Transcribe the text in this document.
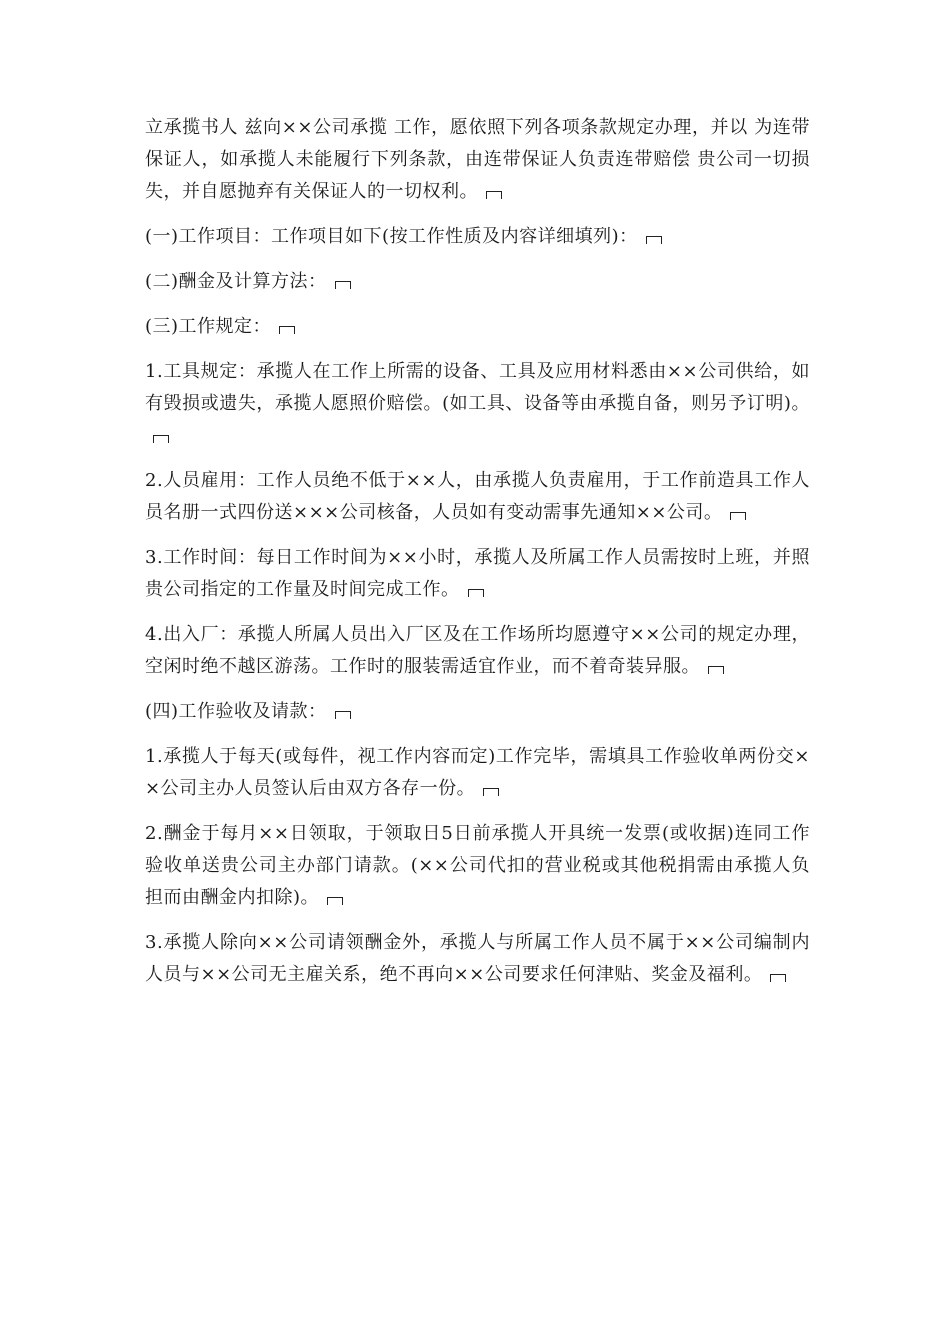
立承揽书人 兹向××公司承揽 工作，愿依照下列各项条款规定办理，并以 为连带保证人，如承揽人未能履行下列条款，由连带保证人负责连带赔偿 贵公司一切损失，并自愿抛弃有关保证人的一切权利。

(一)工作项目：工作项目如下(按工作性质及内容详细填列)：

(二)酬金及计算方法：

(三)工作规定：

1.工具规定：承揽人在工作上所需的设备、工具及应用材料悉由××公司供给，如有毁损或遗失，承揽人愿照价赔偿。(如工具、设备等由承揽自备，则另予订明)。

2.人员雇用：工作人员绝不低于××人，由承揽人负责雇用，于工作前造具工作人员名册一式四份送×××公司核备，人员如有变动需事先通知××公司。

3.工作时间：每日工作时间为××小时，承揽人及所属工作人员需按时上班，并照贵公司指定的工作量及时间完成工作。

4.出入厂：承揽人所属人员出入厂区及在工作场所均愿遵守××公司的规定办理，空闲时绝不越区游荡。工作时的服装需适宜作业，而不着奇装异服。

(四)工作验收及请款：

1.承揽人于每天(或每件，视工作内容而定)工作完毕，需填具工作验收单两份交××公司主办人员签认后由双方各存一份。

2.酬金于每月××日领取，于领取日5日前承揽人开具统一发票(或收据)连同工作验收单送贵公司主办部门请款。(××公司代扣的营业税或其他税捐需由承揽人负担而由酬金内扣除)。

3.承揽人除向××公司请领酬金外，承揽人与所属工作人员不属于××公司编制内人员与××公司无主雇关系，绝不再向××公司要求任何津贴、奖金及福利。
